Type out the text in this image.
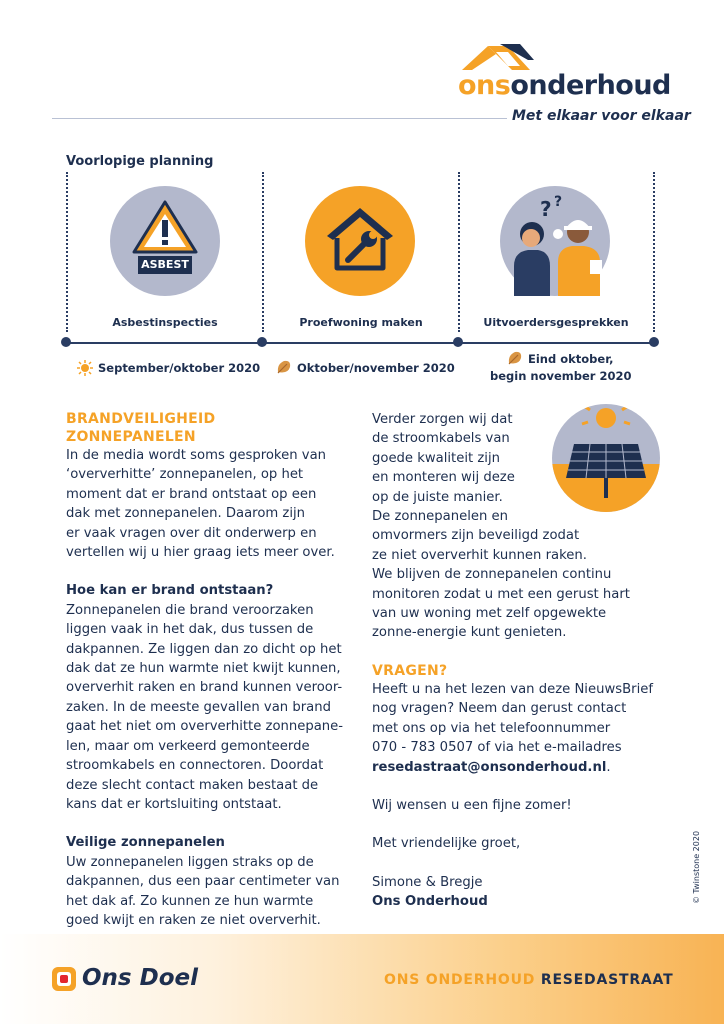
onsonderhoud
Met elkaar voor elkaar
Voorlopige planning
ASBEST
? ?
Asbestinspecties	Proefwoning maken	Uitvoerdersgesprekken
September/oktober 2020	Oktober/november 2020
Eind oktober,
begin november 2020

BRANDVEILIGHEID

ZONNEPANELEN

In de media wordt soms gesproken van

‘oververhitte’ zonnepanelen, op het

moment dat er brand ontstaat op een

dak met zonnepanelen. Daarom zijn

er vaak vragen over dit onderwerp en

vertellen wij u hier graag iets meer over.

Hoe kan er brand ontstaan?

Zonnepanelen die brand veroorzaken

liggen vaak in het dak, dus tussen de

dakpannen. Ze liggen dan zo dicht op het

dak dat ze hun warmte niet kwijt kunnen,

oververhit raken en brand kunnen veroor-

zaken. In de meeste gevallen van brand

gaat het niet om oververhitte zonnepane-

len, maar om verkeerd gemonteerde

stroomkabels en connectoren. Doordat

deze slecht contact maken bestaat de

kans dat er kortsluiting ontstaat.

Veilige zonnepanelen

Uw zonnepanelen liggen straks op de

dakpannen, dus een paar centimeter van

het dak af. Zo kunnen ze hun warmte

goed kwijt en raken ze niet oververhit.

Verder zorgen wij dat

de stroomkabels van

goede kwaliteit zijn

en monteren wij deze

op de juiste manier.

De zonnepanelen en

omvormers zijn beveiligd zodat

ze niet oververhit kunnen raken.

We blijven de zonnepanelen continu

monitoren zodat u met een gerust hart

van uw woning met zelf opgewekte

zonne-energie kunt genieten.

VRAGEN?

Heeft u na het lezen van deze NieuwsBrief

nog vragen? Neem dan gerust contact

met ons op via het telefoonnummer

070 - 783 0507 of via het e-mailadres

resedastraat@onsonderhoud.nl.

Wij wensen u een fijne zomer!

Met vriendelijke groet,

Simone & Bregje

Ons Onderhoud	© Twinstone 2020
Ons Doel	ONS ONDERHOUD RESEDASTRAAT
